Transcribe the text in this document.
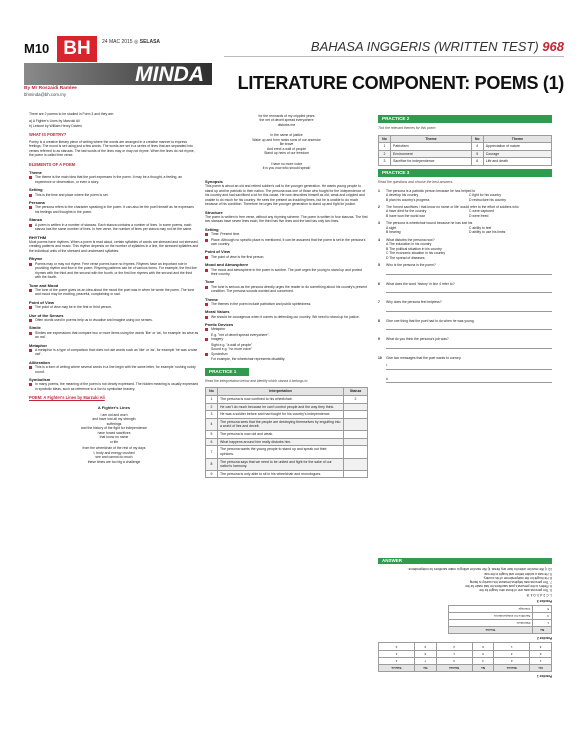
M10 BH	24 MAC 2015 ◎ SELASA
MINDA
By Mr Roszaidi Ramlee
bhminda@bh.com.my
BAHASA INGGERIS (WRITTEN TEST) 968
LITERATURE COMPONENT: POEMS (1)

There are 2 poems to be studied in Form 3 and they are:

a) A Fighter's Lines by Marzuki Ali
b) Leisure by William Henry Davies
WHAT IS POETRY?

Poetry is a creative literary piece of writing where the words are arranged in a creative manner to express feelings. The mood is set using just a few words. The words are set in a series of lines that are separated into verses referred to as stanzas. The last words of the lines may or may not rhyme. When the lines do not rhyme, the poem is called free verse.

ELEMENTS OF A POEM
Theme
The theme is the main idea that the poet expresses in the poem. It may be a thought, a feeling, an experience or observation, or even a story.
Setting
This is the time and place where the poem is set.
Persona
The persona refers to the character speaking in the poem. It can also be the poet himself as he expresses his feelings and thoughts in the poem.
Stanza
A poem is written in a number of stanzas. Each stanza contains a number of lines. In some poems, each stanza has the same number of lines. In free verse, the number of lines per stanza may not be the same.
RHYTHM

Most poems have rhythms. When a poem is read aloud, certain syllables of words are stressed and not stressed, creating patterns and music. This rhythm depends on the number of syllables in a line, the stressed syllables and the individual units of the stressed and unstressed syllables.

Rhyme
Poems may or may not rhyme. Free verse poems have no rhymes. Rhymes have an important role in providing rhythm and flow in the poem. Rhyming patterns can be of various forms. For example, the first line rhymes with the third and the second with the fourth, or the first line rhymes with the second and the third with the fourth.
Tone and Mood
The tone of the poem gives us an idea about the mood the poet was in when he wrote the poem. The tone and mood may be exciting, peaceful, complaining or sad.
Point of View
The point of view may be in the first or third person.
Use of the Senses
Often words used in poems help us to visualise and imagine using our senses.
Simile
Similes are expressions that compare two or more items using the words 'like' or 'as', for example 'as wise as an owl'.
Metaphor
A metaphor is a type of comparison that does not use words such as 'like' or 'as', for example 'he was a wise owl'.
Alliteration
This is a form of writing where several words in a line begin with the same letter, for example 'rushing ruddy round'.
Symbolism
In many poems, the meaning of the poem is not clearly expressed. The hidden meaning is usually expressed in symbolic ideas, such as reference to a lion to symbolise bravery.
POEM: A Fighter's Lines by Marzuki Ali
A Fighter's Lines
I am old and worn
and have lost all my strength
sufferings
and the history of the fight for independence
have forced sacrifices
that know no name
or life
from the wheelchair of the rest of my days
I, body and energy crushed
see and cannot do much
these times are too big a challenge
for the remnants of my crippled years
the net of deceit spread everywhere
disturbs me
In the name of justice
Wake up and form ranks sons of our ancestor
Be brave
And erect a wall of people
Stand up heirs of our freedom
I have no more voice
It is you now who should speak!
Synopsis

This poem is about an old and retired soldier's call to the younger generation. He wants young people to stand up and be patriotic to their nation. The persona was one of those who fought for the independence of his country and had sacrificed a lot for this cause. He now describes himself as old, weak and crippled and unable to do much for his country. He sees the present as troubling times, but he is unable to do much because of his condition. Therefore he urges the younger generation to stand up and fight for justice.

Structure

The poem is written in free verse, without any rhyming scheme. The poem is written in four stanzas. The first two stanzas have seven lines each, the third has five lines and the last has only two lines.

Setting
Time: Present time
Place: Although no specific place is mentioned, it can be assumed that the poem is set in the persona's own country.
Point of View
The point of view is the first person.
Mood and Atmosphere
The mood and atmosphere in the poem is sombre. The poet urges the young to stand up and protect their country.
Tone
The tone is serious as the persona directly urges the reader to do something about his country's present condition. The persona sounds worried and concerned.
Theme
The themes in the poem include patriotism and public spiritedness.
Moral Values
We should be courageous when it comes to defending our country. We need to stand up for justice.
Poetic Devices
Metaphor
E.g. "net of deceit spread everywhere".
Imagery
Sight e.g. "a wall of people"
Sound e.g. "no more voice"
Symbolism
For example, the wheelchair represents disability.
PRACTICE 1
Read the interpretation below and identify which stanza it belongs to.
No	Interpretation	Stanza
1	The persona is now confined to his wheelchair.	2
2	He can't do much because he can't control people and the way they think.	
3	He was a soldier before and had fought for his country's independence.	
4	The persona sees that the people are destroying themselves by engulfing into a world of lies and deceit.	
5	The persona is now old and weak.	
6	What happens around him really disturbs him.	
7	The persona wants the young people to stand up and speak out their opinions.	
8	The persona says that we need to be united and fight for the sake of our nation's harmony.	
9	The persona is only able to sit in his wheelchair and monologues.	
PRACTICE 2
Tick the relevant themes for this poem
No	Theme	No	Theme
1	Patriotism	4	Appreciation of nature
2	Environment	5	Courage
3	Sacrifice for independence	6	Life and death
PRACTICE 3
Read the questions and choose the best answers.
1 The persona is a patriotic person because he has helped to
A develop his country	C fight for his country
B plan his country's progress	D restructure his country
2 The 'forced sacrifices / that know no name or life' would refer to the effort of soldiers who
A have died for the country	C were captured
B have won the world war	D were freed
3 The persona is wheelchair bound because he has lost his
A sight	C ability to feel
B hearing	D ability to use his limbs
4 What disturbs the persona now?
A The education in his country
B The political situation in his country
C The economic situation in his country
D The spread of diseases
5 Who is the persona in the poem?
6 What does the word 'history' in line 4 refer to?
7 Why does the persona feel helpless?
8 Give one thing that the poet had to do when he was young.
9 What do you think the persona's job was?
10 Give two messages that the poet wants to convey.
i.
ii.
ANSWER
Practice 1
No	Stanza	No	Stanza	No	Stanza
1	2	4	3	7	4
2	3	5	1	8	4
3	1	6	2	9	2
Practice 2
No	Theme
1	Patriotism
3	Sacrifice for independence
5	Courage
Practice 3
1. C 2. A 3. D 4. B
5. The persona was one of those who fought for the
6. Refers to the persona's past sacrifices he had made for the
7. The persona was helpless because his country is facing
8. He fought for the independence of his country.
9. He was a soldier before and fought in the war.
10. i) We must be united to face any threat. ii) We must be willing to make sacrifices for independence.
